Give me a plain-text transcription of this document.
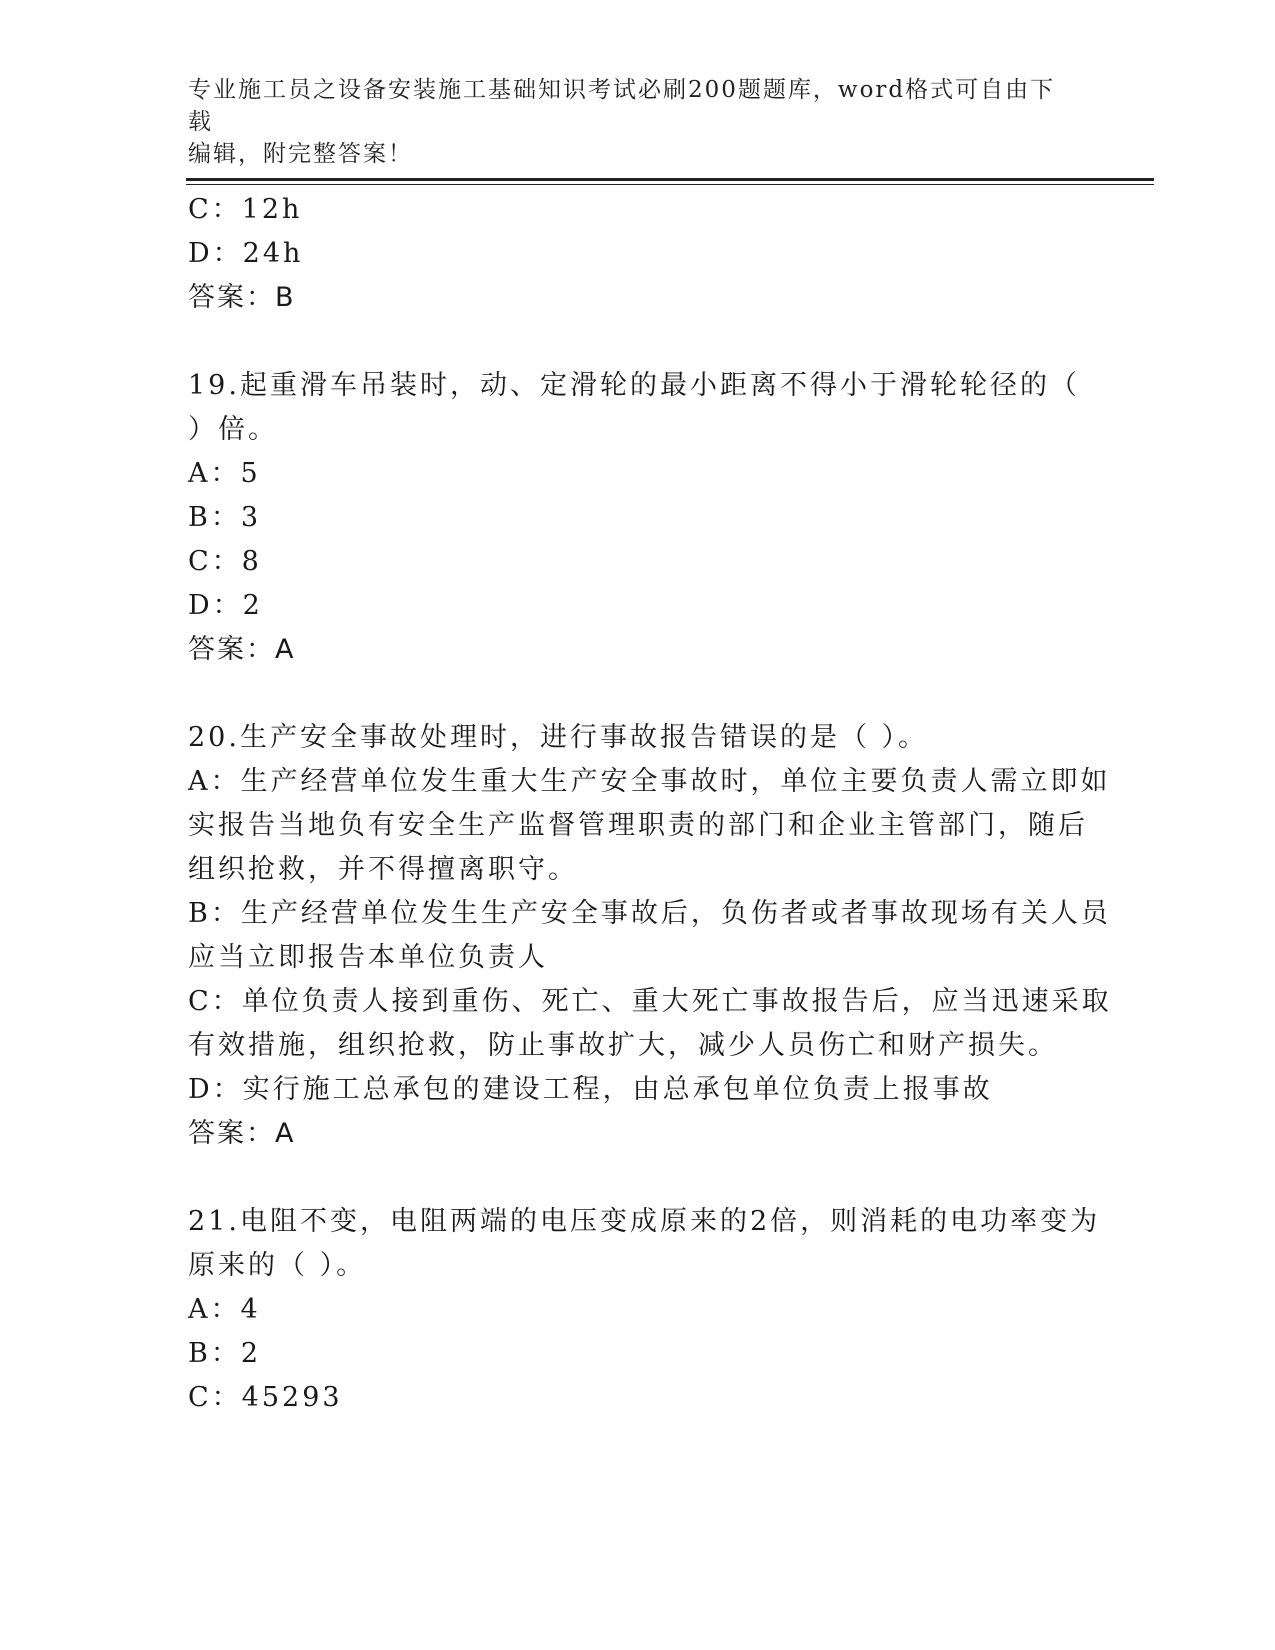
专业施工员之设备安装施工基础知识考试必刷200题题库，word格式可自由下载
编辑，附完整答案！
C：12h
D：24h
答案：B
19.起重滑车吊装时，动、定滑轮的最小距离不得小于滑轮轮径的（
）倍。
A：5
B：3
C：8
D：2
答案：A
20.生产安全事故处理时，进行事故报告错误的是（ ）。
A：生产经营单位发生重大生产安全事故时，单位主要负责人需立即如
实报告当地负有安全生产监督管理职责的部门和企业主管部门，随后
组织抢救，并不得擅离职守。
B：生产经营单位发生生产安全事故后，负伤者或者事故现场有关人员
应当立即报告本单位负责人
C：单位负责人接到重伤、死亡、重大死亡事故报告后，应当迅速采取
有效措施，组织抢救，防止事故扩大，减少人员伤亡和财产损失。
D：实行施工总承包的建设工程，由总承包单位负责上报事故
答案：A
21.电阻不变，电阻两端的电压变成原来的2倍，则消耗的电功率变为
原来的（ ）。
A：4
B：2
C：45293
